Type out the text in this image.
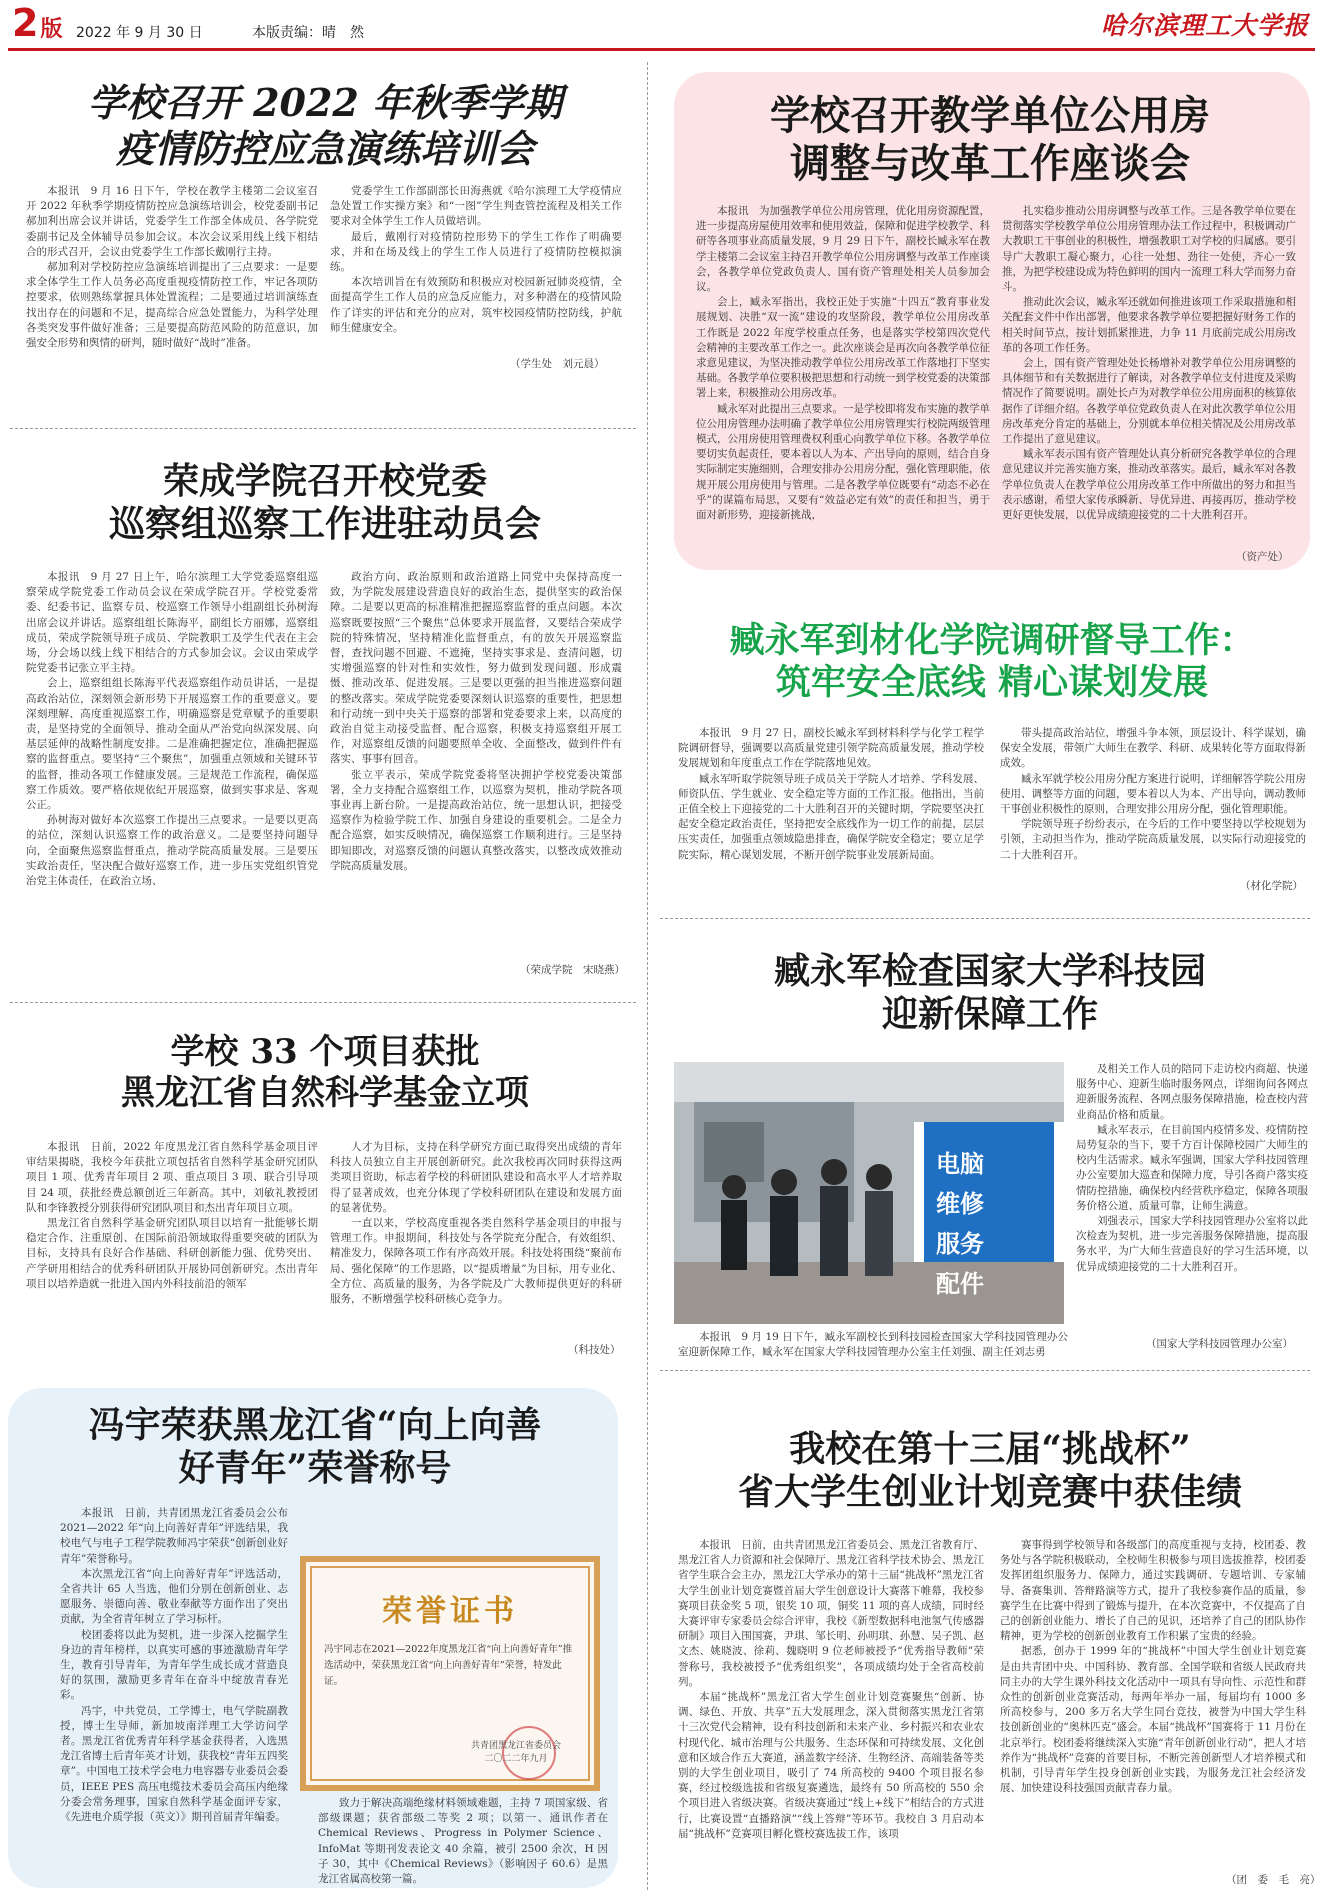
2版 2022 年 9 月 30 日	本版责编：晴　然	哈尔滨理工大学报
学校召开 2022 年秋季学期
疫情防控应急演练培训会

本报讯　9 月 16 日下午，学校在教学主楼第二会议室召开 2022 年秋季学期疫情防控应急演练培训会，校党委副书记郝加利出席会议并讲话，党委学生工作部全体成员、各学院党委副书记及全体辅导员参加会议。本次会议采用线上线下相结合的形式召开，会议由党委学生工作部长戴刚行主持。

郝加利对学校防控应急演练培训提出了三点要求：一是要求全体学生工作人员务必高度重视疫情防控工作，牢记各项防控要求，依则熟练掌握具体处置流程；二是要通过培训演练查找出存在的问题和不足，提高综合应急处置能力，为科学处理各类突发事件做好准备；三是要提高防范风险的防范意识，加强安全形势和舆情的研判，随时做好“战时”准备。

党委学生工作部副部长田海燕就《哈尔滨理工大学疫情应急处置工作实操方案》和“一图”学生判查管控流程及相关工作要求对全体学生工作人员做培训。

最后，戴刚行对疫情防控形势下的学生工作作了明确要求，并和在场及线上的学生工作人员进行了疫情防控模拟演练。

本次培训旨在有效预防和积极应对校园新冠肺炎疫情，全面提高学生工作人员的应急反应能力，对多种潜在的疫情风险作了详实的评估和充分的应对，筑牢校园疫情防控防线，护航师生健康安全。

（学生处　刘元晨）
荣成学院召开校党委
巡察组巡察工作进驻动员会

本报讯　9 月 27 日上午，哈尔滨理工大学党委巡察组巡察荣成学院党委工作动员会议在荣成学院召开。学校党委常委、纪委书记、监察专员、校巡察工作领导小组副组长孙树海出席会议并讲话。巡察组组长陈海平，副组长方丽娜，巡察组成员，荣成学院领导班子成员、学院教职工及学生代表在主会场，分会场以线上线下相结合的方式参加会议。会议由荣成学院党委书记张立平主持。

会上，巡察组组长陈海平代表巡察组作动员讲话，一是提高政治站位，深刻领会新形势下开展巡察工作的重要意义。要深刻理解、高度重视巡察工作，明确巡察是党章赋予的重要职责，是坚持党的全面领导、推动全面从严治党向纵深发展、向基层延伸的战略性制度安排。二是准确把握定位，准确把握巡察的监督重点。要坚持“三个聚焦”，加强重点领域和关键环节的监督，推动各项工作健康发展。三是规范工作流程，确保巡察工作质效。要严格依规依纪开展巡察，做到实事求是、客观公正。

孙树海对做好本次巡察工作提出三点要求。一是要以更高的站位，深刻认识巡察工作的政治意义。二是要坚持问题导向，全面聚焦巡察监督重点，推动学院高质量发展。三是要压实政治责任，坚决配合做好巡察工作，进一步压实党组织管党治党主体责任，在政治立场、

政治方向、政治原则和政治道路上同党中央保持高度一致，为学院发展建设营造良好的政治生态，提供坚实的政治保障。二是要以更高的标准精准把握巡察监督的重点问题。本次巡察既要按照“三个聚焦”总体要求开展监督，又要结合荣成学院的特殊情况，坚持精准化监督重点，有的放矢开展巡察监督，查找问题不回避、不遮掩，坚持实事求是、查清问题，切实增强巡察的针对性和实效性，努力做到发现问题、形成震慑、推动改革、促进发展。三是要以更强的担当推进巡察问题的整改落实。荣成学院党委要深刻认识巡察的重要性，把思想和行动统一到中央关于巡察的部署和党委要求上来，以高度的政治自觉主动接受监督、配合巡察，积极支持巡察组开展工作，对巡察组反馈的问题要照单全收、全面整改，做到件件有落实、事事有回音。

张立平表示，荣成学院党委将坚决拥护学校党委决策部署，全力支持配合巡察组工作，以巡察为契机，推动学院各项事业再上新台阶。一是提高政治站位，统一思想认识，把接受巡察作为检验学院工作、加强自身建设的重要机会。二是全力配合巡察，如实反映情况，确保巡察工作顺利进行。三是坚持即知即改，对巡察反馈的问题认真整改落实，以整改成效推动学院高质量发展。

（荣成学院　宋晓燕）
学校 33 个项目获批
黑龙江省自然科学基金立项

本报讯　日前，2022 年度黑龙江省自然科学基金项目评审结果揭晓，我校今年获批立项包括省自然科学基金研究团队项目 1 项、优秀青年项目 2 项、重点项目 3 项、联合引导项目 24 项，获批经费总额创近三年新高。其中，刘敏礼教授团队和李锋教授分别获得研究团队项目和杰出青年项目立项。

黑龙江省自然科学基金研究团队项目以培育一批能够长期稳定合作、注重原创、在国际前沿领域取得重要突破的团队为目标，支持具有良好合作基础、科研创新能力强、优势突出、产学研用相结合的优秀科研团队开展协同创新研究。杰出青年项目以培养造就一批进入国内外科技前沿的领军

人才为目标，支持在科学研究方面已取得突出成绩的青年科技人员独立自主开展创新研究。此次我校再次同时获得这两类项目资助，标志着学校的科研团队建设和高水平人才培养取得了显著成效，也充分体现了学校科研团队在建设和发展方面的显著优势。

一直以来，学校高度重视各类自然科学基金项目的申报与管理工作。申报期间，科技处与各学院充分配合，有效组织、精准发力，保障各项工作有序高效开展。科技处将围绕“聚前布局、强化保障”的工作思路，以“提质增量”为目标，用专业化、全方位、高质量的服务，为各学院及广大教师提供更好的科研服务，不断增强学校科研核心竞争力。

（科技处）
冯宇荣获黑龙江省“向上向善
好青年”荣誉称号

本报讯　日前，共青团黑龙江省委员会公布 2021—2022 年“向上向善好青年”评选结果，我校电气与电子工程学院教师冯宇荣获“创新创业好青年”荣誉称号。

本次黑龙江省“向上向善好青年”评选活动，全省共计 65 人当选，他们分别在创新创业、志愿服务、崇德向善、敬业奉献等方面作出了突出贡献，为全省青年树立了学习标杆。

校团委将以此为契机，进一步深入挖掘学生身边的青年榜样，以真实可感的事迹激励青年学生，教育引导青年，为青年学生成长成才营造良好的氛围，激励更多青年在奋斗中绽放青春光彩。

冯宇，中共党员，工学博士，电气学院副教授，博士生导师，新加坡南洋理工大学访问学者。黑龙江省优秀青年科学基金获得者，入选黑龙江省博士后青年英才计划，获我校“青年五四奖章”。中国电工技术学会电力电容器专业委员会委员，IEEE PES 高压电缆技术委员会高压内绝缘分委会常务理事，国家自然科学基金面评专家，《先进电介质学报（英文）》期刊首届青年编委。

荣誉证书
冯宇同志在2021—2022年度黑龙江省“向上向善好青年”推选活动中，荣获黑龙江省“向上向善好青年”荣誉，特发此证。
共青团黑龙江省委员会
二〇二二年九月

致力于解决高端绝缘材料领域难题，主持 7 项国家级、省部级课题；获省部级二等奖 2 项；以第一、通讯作者在 Chemical Reviews、Progress in Polymer Science、InfoMat 等期刊发表论文 40 余篇，被引 2500 余次，H 因子 30，其中《Chemical Reviews》（影响因子 60.6）是黑龙江省属高校第一篇。

学校召开教学单位公用房
调整与改革工作座谈会

本报讯　为加强教学单位公用房管理，优化用房资源配置，进一步提高房屋使用效率和使用效益，保障和促进学校教学、科研等各项事业高质量发展，9 月 29 日下午，副校长臧永军在教学主楼第二会议室主持召开教学单位公用房调整与改革工作座谈会，各教学单位党政负责人、国有资产管理处相关人员参加会议。

会上，臧永军指出，我校正处于实施“十四五”教育事业发展规划、决胜“双一流”建设的攻坚阶段，教学单位公用房改革工作既是 2022 年度学校重点任务，也是落实学校第四次党代会精神的主要改革工作之一。此次座谈会是再次向各教学单位征求意见建议，为坚决推动教学单位公用房改革工作落地打下坚实基础。各教学单位要积极把思想和行动统一到学校党委的决策部署上来，积极推动公用房改革。

臧永军对此提出三点要求。一是学校即将发布实施的教学单位公用房管理办法明确了教学单位公用房管理实行校院两级管理模式，公用房使用管理费权利重心向教学单位下移。各教学单位要切实负起责任，要本着以人为本、产出导向的原则，结合自身实际制定实施细则，合理安排办公用房分配，强化管理职能，依规开展公用房使用与管理。二是各教学单位既要有“动态不必在乎”的谋篇布局思，又要有“效益必定有效”的责任和担当，勇于面对新形势，迎接新挑战，

扎实稳步推动公用房调整与改革工作。三是各教学单位要在贯彻落实学校教学单位公用房管理办法工作过程中，积极调动广大教职工干事创业的积极性，增强教职工对学校的归属感。要引导广大教职工凝心聚力，心往一处想、劲往一处使，齐心一致推，为把学校建设成为特色鲜明的国内一流理工科大学而努力奋斗。

推动此次会议，臧永军还就如何推进该项工作采取措施和相关配套文件中作出部署，他要求各教学单位要把握好财务工作的相关时间节点，按计划抓紧推进，力争 11 月底前完成公用房改革的各项工作任务。

会上，国有资产管理处处长杨增补对教学单位公用房调整的具体细节和有关数据进行了解读，对各教学单位支付进度及采购情况作了简要说明。副处长卢为对教学单位公用房面积的核算依据作了详细介绍。各教学单位党政负责人在对此次教学单位公用房改革充分肯定的基础上，分别就本单位相关情况及公用房改革工作提出了意见建议。

臧永军表示国有资产管理处认真分析研究各教学单位的合理意见建议并完善实施方案，推动改革落实。最后，臧永军对各教学单位负责人在教学单位公用房改革工作中所做出的努力和担当表示感谢，希望大家传承瞬新、导优异进、再接再厉，推动学校更好更快发展，以优异成绩迎接党的二十大胜利召开。

（资产处）
臧永军到材化学院调研督导工作：
筑牢安全底线 精心谋划发展

本报讯　9 月 27 日，副校长臧永军到材料科学与化学工程学院调研督导，强调要以高质量党建引领学院高质量发展，推动学校发展规划和年度重点工作在学院落地见效。

臧永军听取学院领导班子成员关于学院人才培养、学科发展、师资队伍、学生就业、安全稳定等方面的工作汇报。他指出，当前正值全校上下迎接党的二十大胜利召开的关键时期，学院要坚决扛起安全稳定政治责任，坚持把安全底线作为一切工作的前提，层层压实责任，加强重点领域隐患排查，确保学院安全稳定；要立足学院实际，精心谋划发展，不断开创学院事业发展新局面。

带头提高政治站位，增强斗争本领，顶层设计、科学谋划，确保安全发展，带领广大师生在教学、科研、成果转化等方面取得新成效。

臧永军就学校公用房分配方案进行说明，详细解答学院公用房使用、调整等方面的问题，要本着以人为本、产出导向，调动教师干事创业积极性的原则，合理安排公用房分配，强化管理职能。

学院领导班子纷纷表示，在今后的工作中要坚持以学校规划为引领，主动担当作为，推动学院高质量发展，以实际行动迎接党的二十大胜利召开。

（材化学院）
臧永军检查国家大学科技园
迎新保障工作
电脑
维修
服务
配件

本报讯　9 月 19 日下午，臧永军副校长到科技园检查国家大学科技园管理办公室迎新保障工作，臧永军在国家大学科技园管理办公室主任刘强、副主任刘志勇

及相关工作人员的陪同下走访校内商超、快递服务中心、迎新生临时服务网点，详细询问各网点迎新服务流程、各网点服务保障措施，检查校内营业商品价格和质量。

臧永军表示，在目前国内疫情多发、疫情防控局势复杂的当下，要千方百计保障校园广大师生的校内生活需求。臧永军强调，国家大学科技园管理办公室要加大巡查和保障力度，导引各商户落实疫情防控措施，确保校内经营秩序稳定，保障各项服务价格公道、质量可靠，让师生满意。

刘强表示，国家大学科技园管理办公室将以此次检查为契机，进一步完善服务保障措施，提高服务水平，为广大师生营造良好的学习生活环境，以优异成绩迎接党的二十大胜利召开。

（国家大学科技园管理办公室）
我校在第十三届“挑战杯”
省大学生创业计划竞赛中获佳绩

本报讯　日前，由共青团黑龙江省委员会、黑龙江省教育厅、黑龙江省人力资源和社会保障厅、黑龙江省科学技术协会、黑龙江省学生联合会主办，黑龙江大学承办的第十三届“挑战杯”黑龙江省大学生创业计划竞赛暨首届大学生创意设计大赛落下帷幕，我校参赛项目获金奖 5 项，银奖 10 项，铜奖 11 项的喜人成绩，同时经大赛评审专家委员会综合评审，我校《新型数据科电池氢气传感器研制》项目入围国赛，尹琪、邹长明、孙明琪、孙慧、吴子凯、赵文杰、姚晓波、徐莉、魏晓明 9 位老师被授予“优秀指导教师”荣誉称号，我校被授予“优秀组织奖”，各项成绩均处于全省高校前列。

本届“挑战杯”黑龙江省大学生创业计划竞赛聚焦“创新、协调、绿色、开放、共享”五大发展理念，深入贯彻落实黑龙江省第十三次党代会精神，设有科技创新和未来产业、乡村振兴和农业农村现代化、城市治理与公共服务、生态环保和可持续发展、文化创意和区域合作五大赛道，涵盖数字经济、生物经济、高端装备等类别的大学生创业项目，吸引了 74 所高校的 9400 个项目报名参赛，经过校级选拔和省级复赛遴选，最终有 50 所高校的 550 余个项目进入省级决赛。省级决赛通过“线上+线下”相结合的方式进行，比赛设置“直播路演”“线上答辩”等环节。我校自 3 月启动本届“挑战杯”竞赛项目孵化暨校赛选拔工作，该项

赛事得到学校领导和各级部门的高度重视与支持，校团委、教务处与各学院积极联动，全校师生积极参与项目选拔推荐，校团委发挥团组织服务力、保障力，通过实践调研、专题培训、专家辅导、备赛集训、答辩路演等方式，提升了我校参赛作品的质量，参赛学生在比赛中得到了锻炼与提升，在本次竞赛中，不仅提高了自己的创新创业能力、增长了自己的见识，还培养了自己的团队协作精神，更为学校的创新创业教育工作积累了宝贵的经验。

据悉，创办于 1999 年的“挑战杯”中国大学生创业计划竞赛是由共青团中央、中国科协、教育部、全国学联和省级人民政府共同主办的大学生课外科技文化活动中一项具有导向性、示范性和群众性的创新创业竞赛活动，每两年举办一届，每届均有 1000 多所高校参与，200 多万名大学生同台竞技，被誉为中国大学生科技创新创业的“奥林匹克”盛会。本届“挑战杯”国赛将于 11 月份在北京举行。校团委将继续深入实施“青年创新创业行动”，把人才培养作为“挑战杯”竞赛的首要目标，不断完善创新型人才培养模式和机制，引导青年学生投身创新创业实践，为服务龙江社会经济发展、加快建设科技强国贡献青春力量。

（团　委　毛　亮）
